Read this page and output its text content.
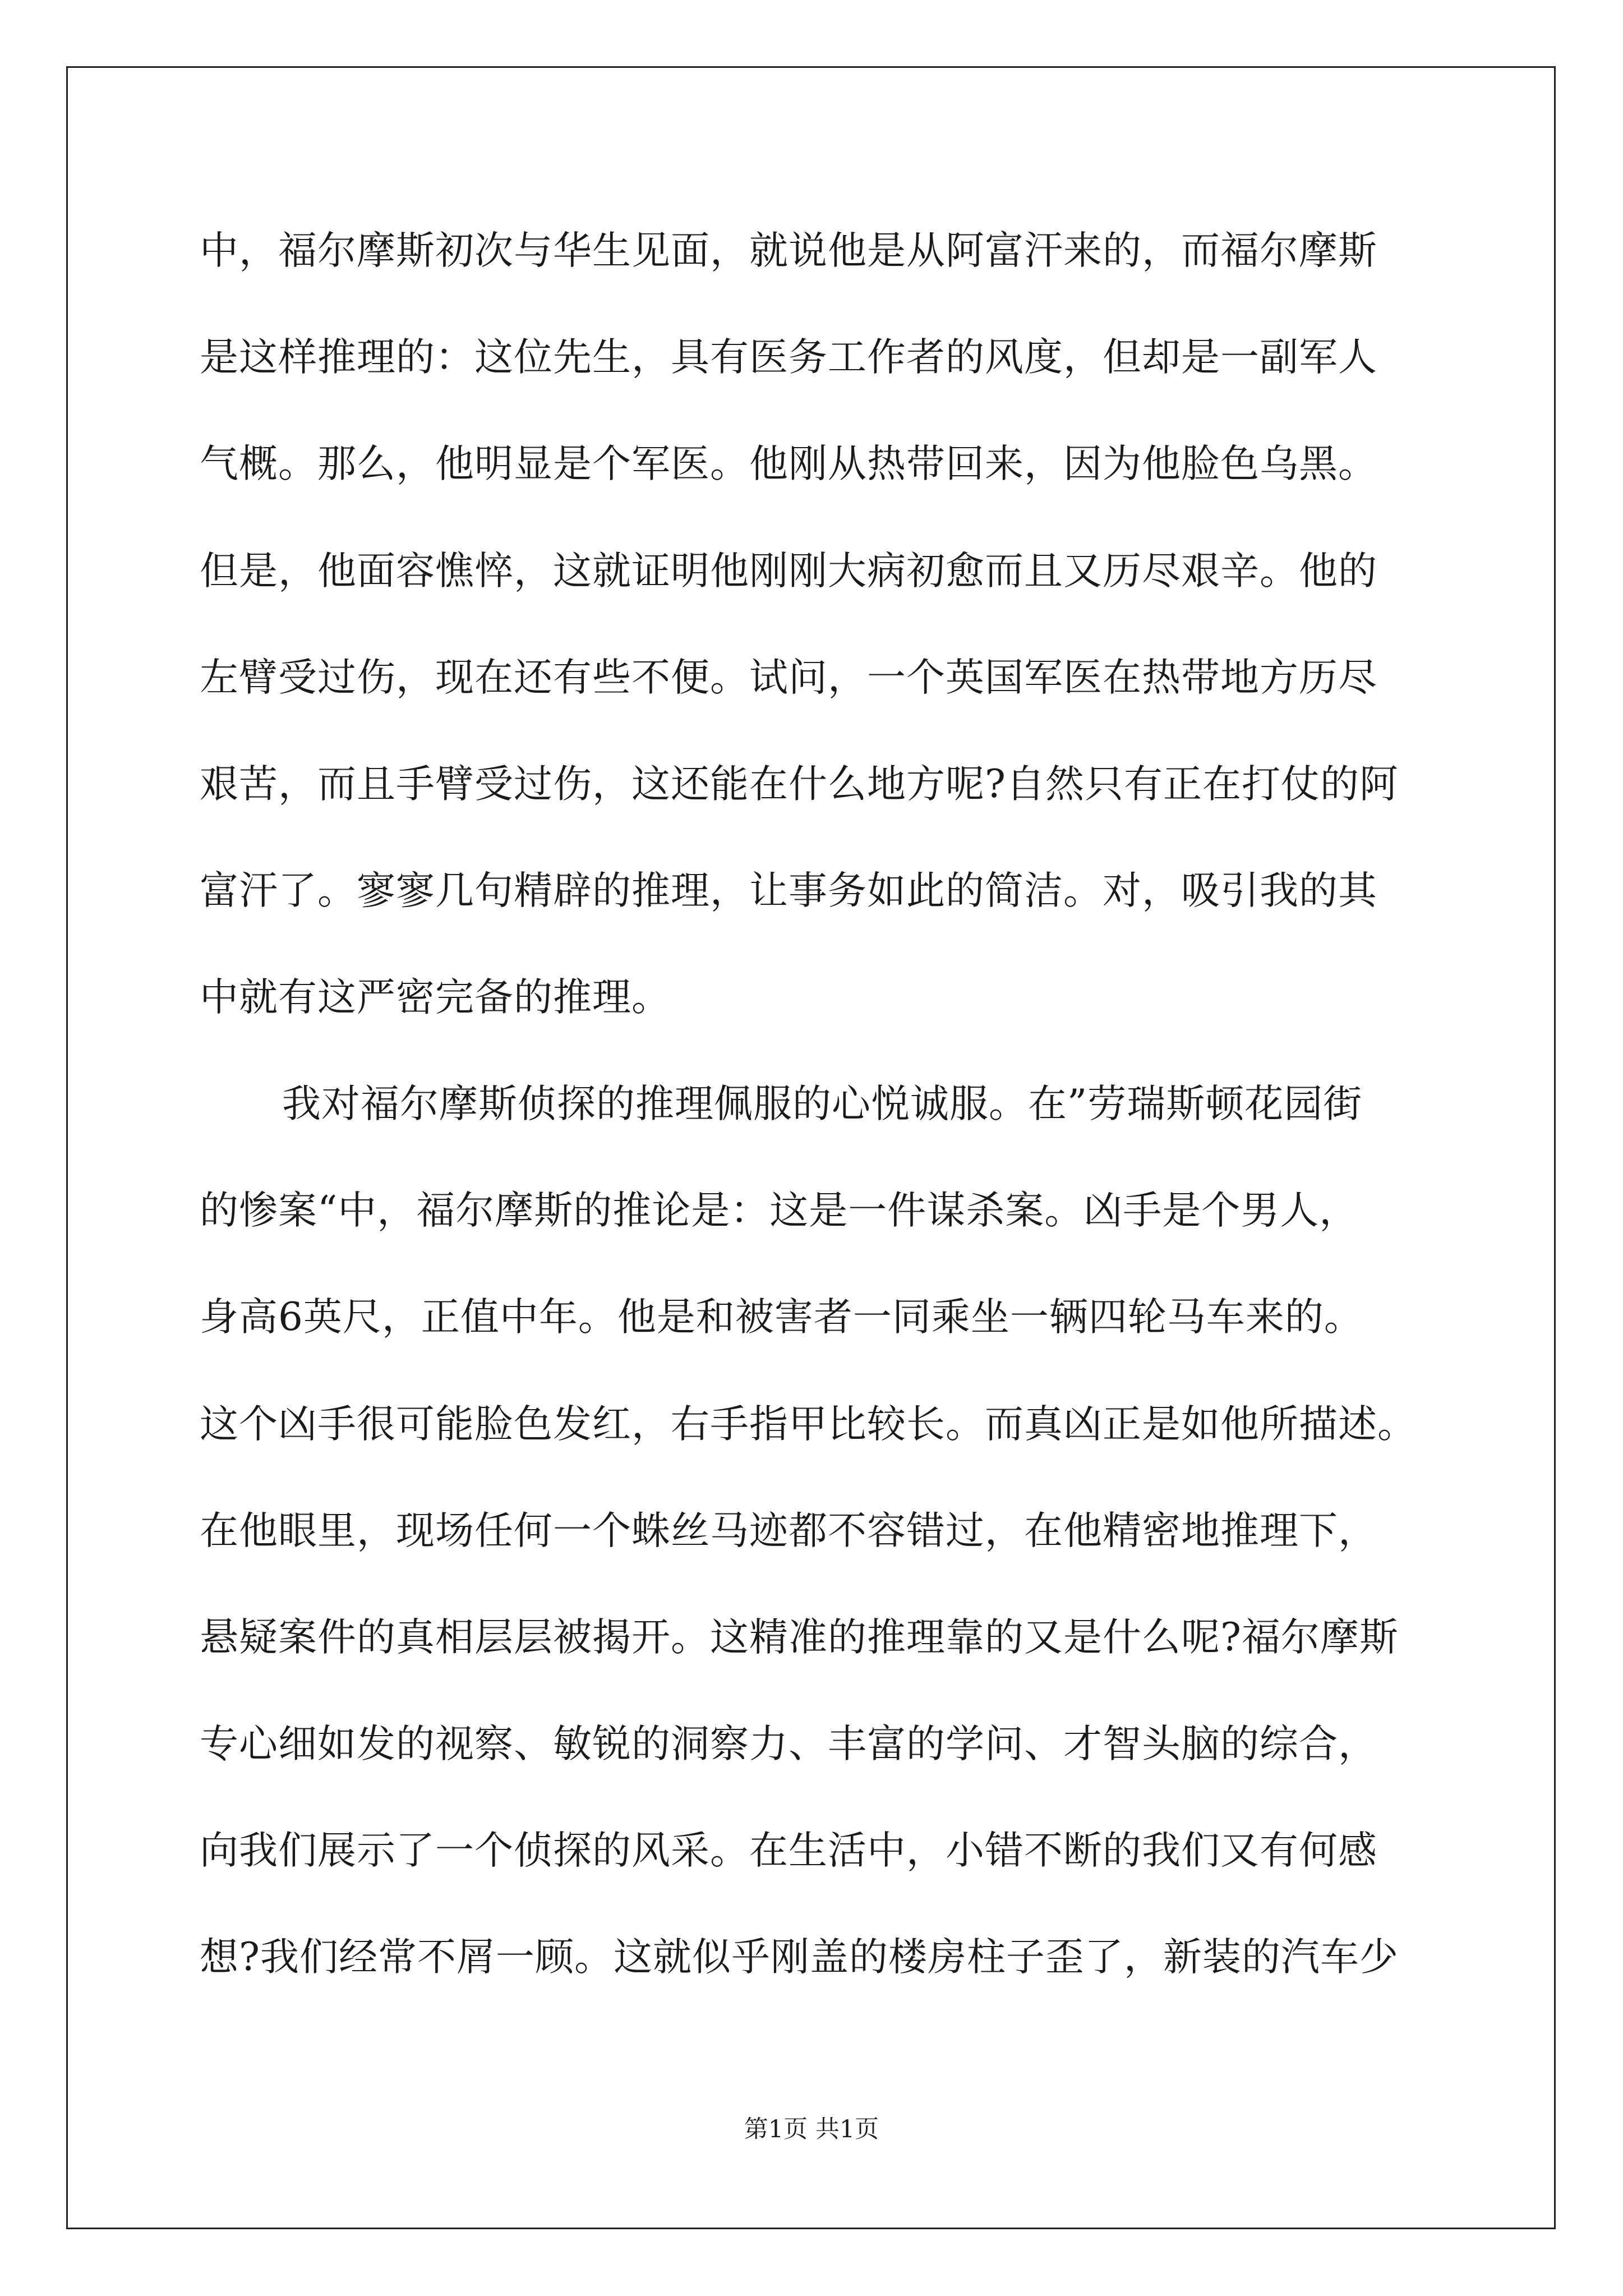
中，福尔摩斯初次与华生见面，就说他是从阿富汗来的，而福尔摩斯
是这样推理的：这位先生，具有医务工作者的风度，但却是一副军人
气概。那么，他明显是个军医。他刚从热带回来，因为他脸色乌黑。
但是，他面容憔悴，这就证明他刚刚大病初愈而且又历尽艰辛。他的
左臂受过伤，现在还有些不便。试问，一个英国军医在热带地方历尽
艰苦，而且手臂受过伤，这还能在什么地方呢?自然只有正在打仗的阿
富汗了。寥寥几句精辟的推理，让事务如此的简洁。对，吸引我的其
中就有这严密完备的推理。
我对福尔摩斯侦探的推理佩服的心悦诚服。在”劳瑞斯顿花园街
的惨案“中，福尔摩斯的推论是：这是一件谋杀案。凶手是个男人，
身高6英尺，正值中年。他是和被害者一同乘坐一辆四轮马车来的。
这个凶手很可能脸色发红，右手指甲比较长。而真凶正是如他所描述。
在他眼里，现场任何一个蛛丝马迹都不容错过，在他精密地推理下，
悬疑案件的真相层层被揭开。这精准的推理靠的又是什么呢?福尔摩斯
专心细如发的视察、敏锐的洞察力、丰富的学问、才智头脑的综合，
向我们展示了一个侦探的风采。在生活中，小错不断的我们又有何感
想?我们经常不屑一顾。这就似乎刚盖的楼房柱子歪了，新装的汽车少
第1页 共1页
